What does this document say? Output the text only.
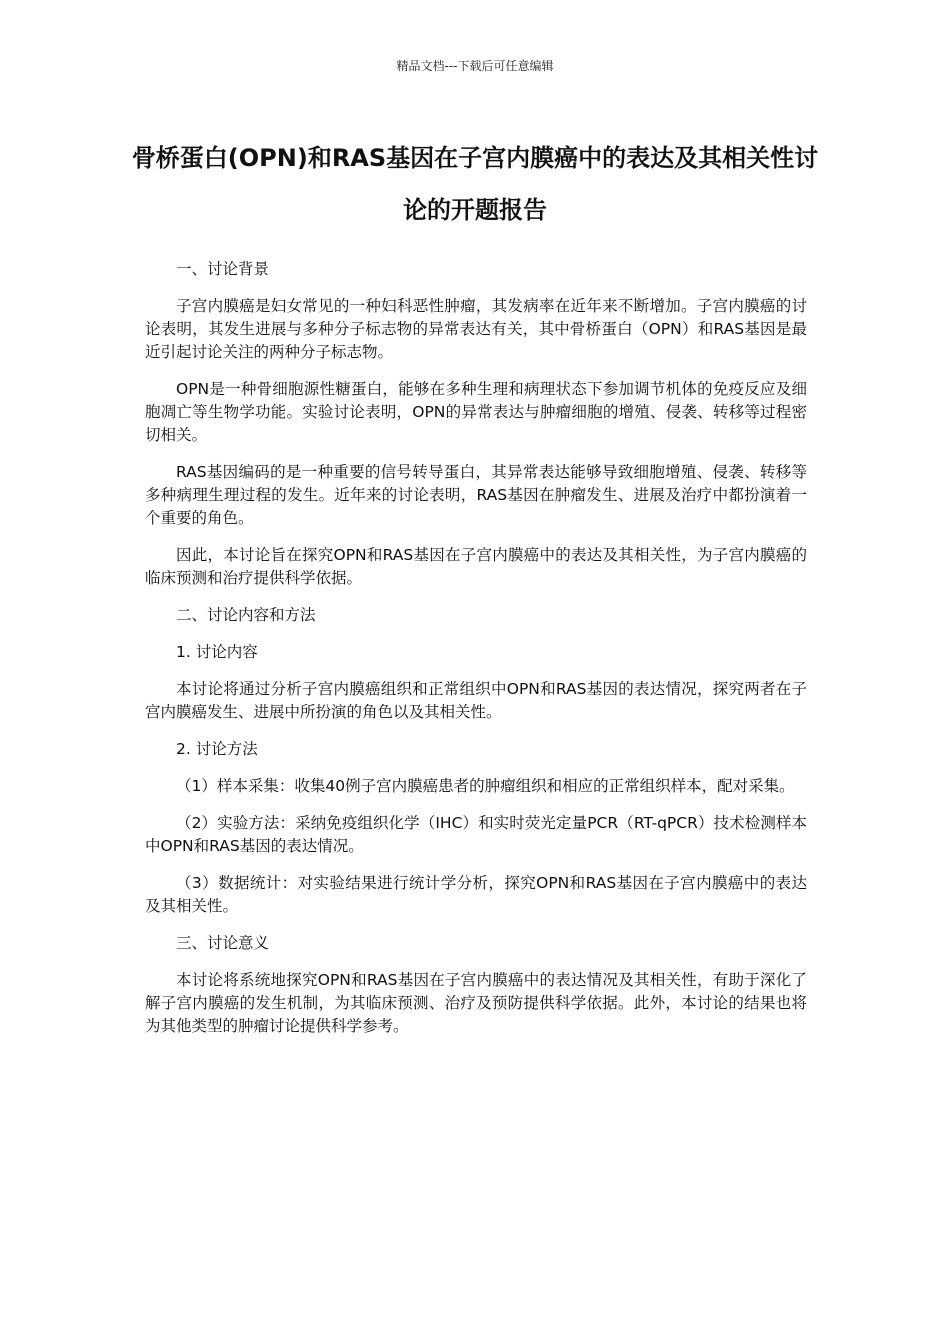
精品文档---下载后可任意编辑
骨桥蛋白(OPN)和RAS基因在子宫内膜癌中的表达及其相关性讨论的开题报告

一、讨论背景

子宫内膜癌是妇女常见的一种妇科恶性肿瘤，其发病率在近年来不断增加。子宫内膜癌的讨论表明，其发生进展与多种分子标志物的异常表达有关，其中骨桥蛋白（OPN）和RAS基因是最近引起讨论关注的两种分子标志物。

OPN是一种骨细胞源性糖蛋白，能够在多种生理和病理状态下参加调节机体的免疫反应及细胞凋亡等生物学功能。实验讨论表明，OPN的异常表达与肿瘤细胞的增殖、侵袭、转移等过程密切相关。

RAS基因编码的是一种重要的信号转导蛋白，其异常表达能够导致细胞增殖、侵袭、转移等多种病理生理过程的发生。近年来的讨论表明，RAS基因在肿瘤发生、进展及治疗中都扮演着一个重要的角色。

因此，本讨论旨在探究OPN和RAS基因在子宫内膜癌中的表达及其相关性，为子宫内膜癌的临床预测和治疗提供科学依据。

二、讨论内容和方法

1. 讨论内容

本讨论将通过分析子宫内膜癌组织和正常组织中OPN和RAS基因的表达情况，探究两者在子宫内膜癌发生、进展中所扮演的角色以及其相关性。

2. 讨论方法

（1）样本采集：收集40例子宫内膜癌患者的肿瘤组织和相应的正常组织样本，配对采集。

（2）实验方法：采纳免疫组织化学（IHC）和实时荧光定量PCR（RT-qPCR）技术检测样本中OPN和RAS基因的表达情况。

（3）数据统计：对实验结果进行统计学分析，探究OPN和RAS基因在子宫内膜癌中的表达及其相关性。

三、讨论意义

本讨论将系统地探究OPN和RAS基因在子宫内膜癌中的表达情况及其相关性，有助于深化了解子宫内膜癌的发生机制，为其临床预测、治疗及预防提供科学依据。此外，本讨论的结果也将为其他类型的肿瘤讨论提供科学参考。
